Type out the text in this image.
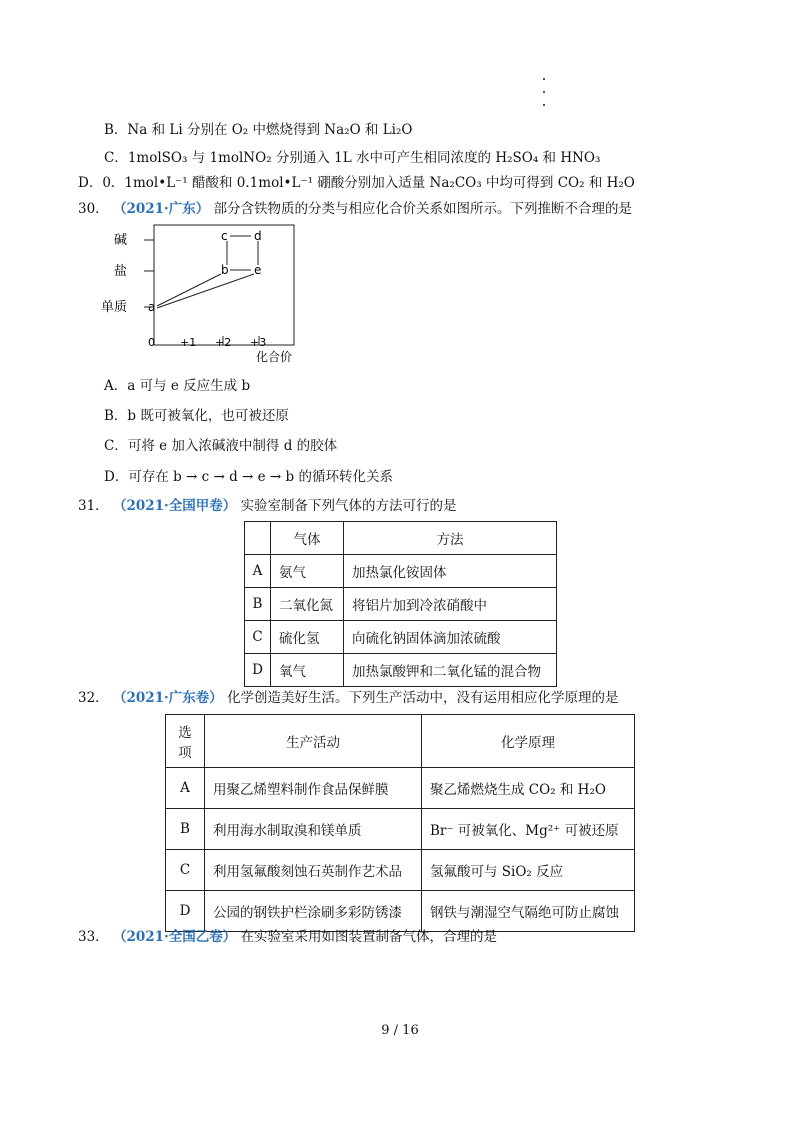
B．Na 和 Li 分别在 O₂ 中燃烧得到 Na₂O 和 Li₂O
C．1molSO₃ 与 1molNO₂ 分别通入 1L 水中可产生相同浓度的 H₂SO₄ 和 HNO₃
D．0．1mol•L⁻¹ 醋酸和 0.1mol•L⁻¹ 硼酸分别加入适量 Na₂CO₃ 中均可得到 CO₂ 和 H₂O
30． （2021·广东） 部分含铁物质的分类与相应化合价关系如图所示。下列推断不合理的是
碱
盐
单质
c d
b e
a
0 +1 +2 +3
化合价
A．a 可与 e 反应生成 b
B．b 既可被氧化，也可被还原
C．可将 e 加入浓碱液中制得 d 的胶体
D．可存在 b → c → d → e → b 的循环转化关系
31． （2021·全国甲卷） 实验室制备下列气体的方法可行的是
	气体	方法
A	氨气	加热氯化铵固体
B	二氧化氮	将铝片加到冷浓硝酸中
C	硫化氢	向硫化钠固体滴加浓硫酸
D	氧气	加热氯酸钾和二氧化锰的混合物
32． （2021·广东卷） 化学创造美好生活。下列生产活动中，没有运用相应化学原理的是
选项	生产活动	化学原理
A	用聚乙烯塑料制作食品保鲜膜	聚乙烯燃烧生成 CO₂ 和 H₂O
B	利用海水制取溴和镁单质	Br⁻ 可被氧化、Mg²⁺ 可被还原
C	利用氢氟酸刻蚀石英制作艺术品	氢氟酸可与 SiO₂ 反应
D	公园的钢铁护栏涂刷多彩防锈漆	钢铁与潮湿空气隔绝可防止腐蚀
33． （2021·全国乙卷） 在实验室采用如图装置制备气体，合理的是
9 / 16
